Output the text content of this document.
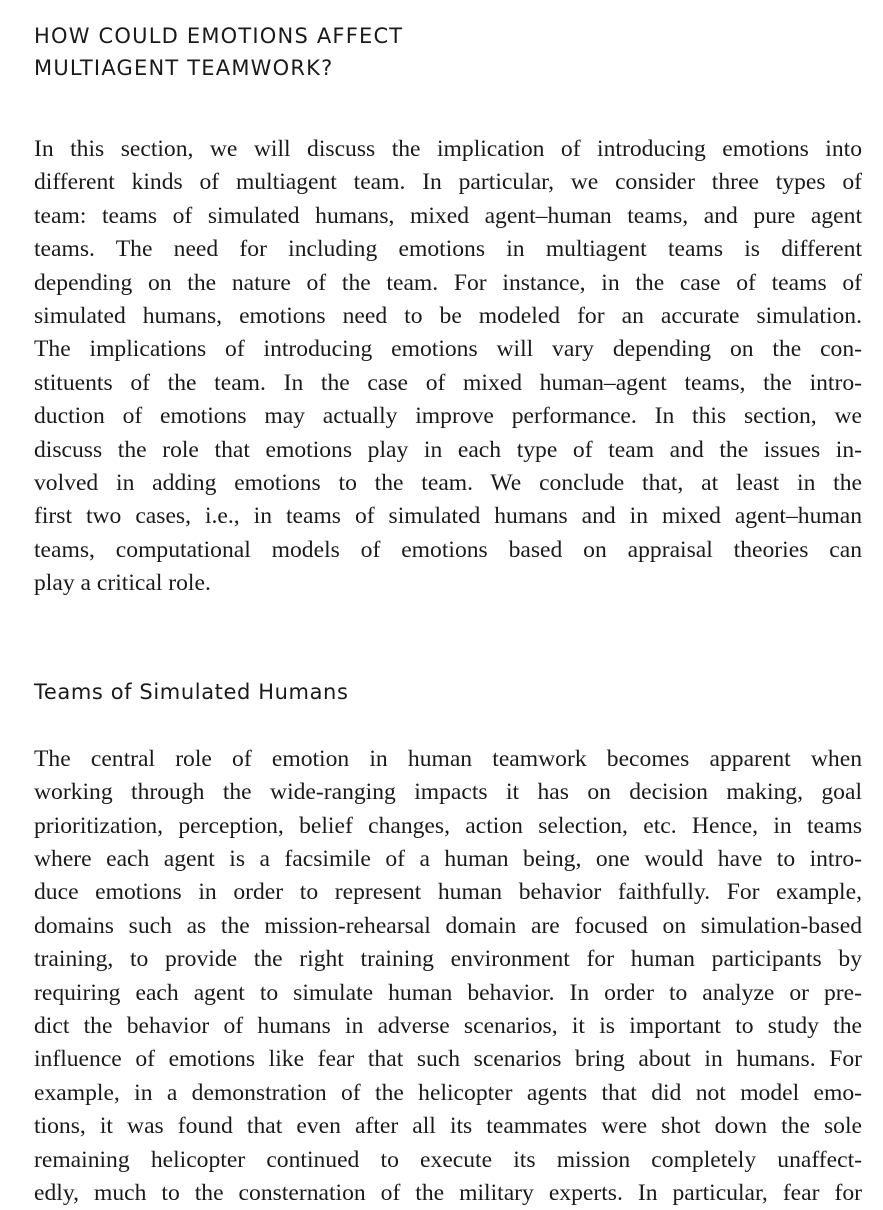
HOW COULD EMOTIONS AFFECT
MULTIAGENT TEAMWORK?

In this section, we will discuss the implication of introducing emotions into
different kinds of multiagent team. In particular, we consider three types of
team: teams of simulated humans, mixed agent–human teams, and pure agent
teams. The need for including emotions in multiagent teams is different
depending on the nature of the team. For instance, in the case of teams of
simulated humans, emotions need to be modeled for an accurate simulation.
The implications of introducing emotions will vary depending on the con-
stituents of the team. In the case of mixed human–agent teams, the intro-
duction of emotions may actually improve performance. In this section, we
discuss the role that emotions play in each type of team and the issues in-
volved in adding emotions to the team. We conclude that, at least in the
first two cases, i.e., in teams of simulated humans and in mixed agent–human
teams, computational models of emotions based on appraisal theories can
play a critical role.

Teams of Simulated Humans

The central role of emotion in human teamwork becomes apparent when
working through the wide-ranging impacts it has on decision making, goal
prioritization, perception, belief changes, action selection, etc. Hence, in teams
where each agent is a facsimile of a human being, one would have to intro-
duce emotions in order to represent human behavior faithfully. For example,
domains such as the mission-rehearsal domain are focused on simulation-based
training, to provide the right training environment for human participants by
requiring each agent to simulate human behavior. In order to analyze or pre-
dict the behavior of humans in adverse scenarios, it is important to study the
influence of emotions like fear that such scenarios bring about in humans. For
example, in a demonstration of the helicopter agents that did not model emo-
tions, it was found that even after all its teammates were shot down the sole
remaining helicopter continued to execute its mission completely unaffect-
edly, much to the consternation of the military experts. In particular, fear for
